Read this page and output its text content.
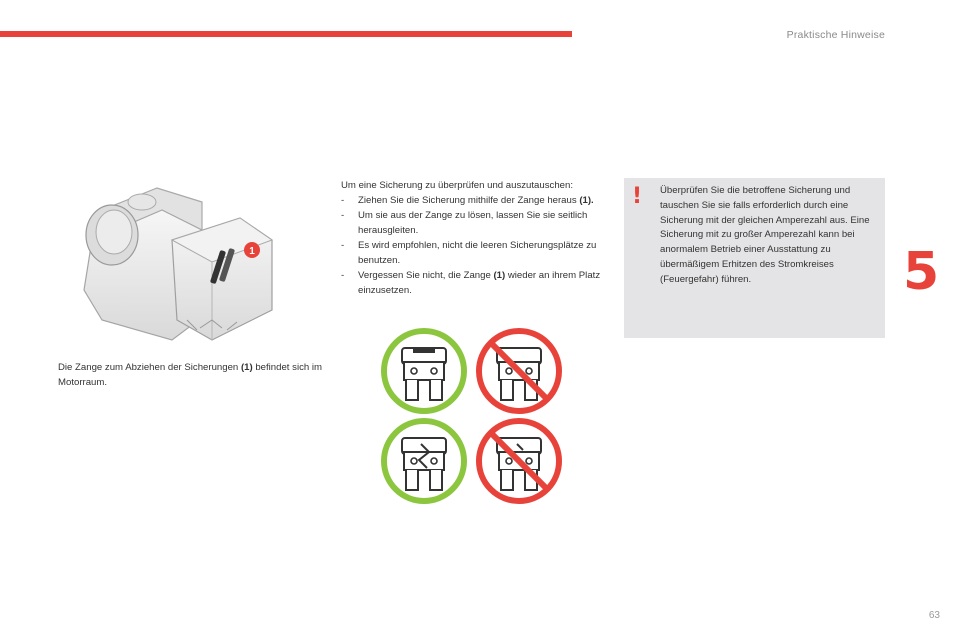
Praktische Hinweise
5
1
Die Zange zum Abziehen der Sicherungen (1) befindet sich im Motorraum.
Um eine Sicherung zu überprüfen und auszutauschen:
- Ziehen Sie die Sicherung mithilfe der Zange heraus (1).
- Um sie aus der Zange zu lösen, lassen Sie sie seitlich herausgleiten.
- Es wird empfohlen, nicht die leeren Sicherungsplätze zu benutzen.
- Vergessen Sie nicht, die Zange (1) wieder an ihrem Platz einzusetzen.
! Überprüfen Sie die betroffene Sicherung und tauschen Sie sie falls erforderlich durch eine Sicherung mit der gleichen Amperezahl aus. Eine Sicherung mit zu großer Amperezahl kann bei anormalem Betrieb einer Ausstattung zu übermäßigem Erhitzen des Stromkreises (Feuergefahr) führen.
63
